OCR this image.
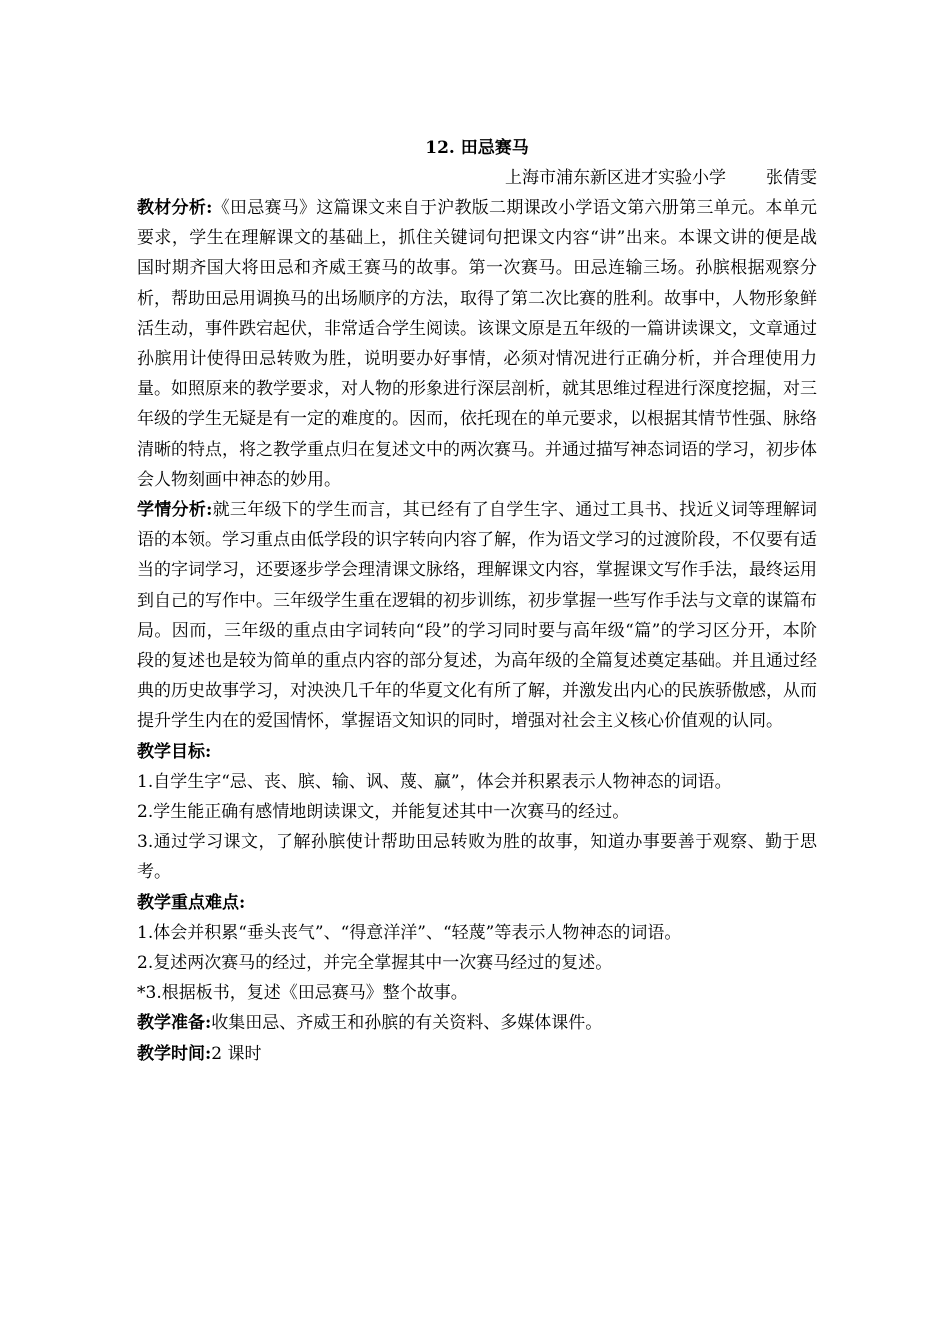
12. 田忌赛马
上海市浦东新区进才实验小学 张倩雯

教材分析:《田忌赛马》这篇课文来自于沪教版二期课改小学语文第六册第三单元。本单元要求，学生在理解课文的基础上，抓住关键词句把课文内容“讲”出来。本课文讲的便是战国时期齐国大将田忌和齐威王赛马的故事。第一次赛马。田忌连输三场。孙膑根据观察分析，帮助田忌用调换马的出场顺序的方法，取得了第二次比赛的胜利。故事中，人物形象鲜活生动，事件跌宕起伏，非常适合学生阅读。该课文原是五年级的一篇讲读课文，文章通过孙膑用计使得田忌转败为胜，说明要办好事情，必须对情况进行正确分析，并合理使用力量。如照原来的教学要求，对人物的形象进行深层剖析，就其思维过程进行深度挖掘，对三年级的学生无疑是有一定的难度的。因而，依托现在的单元要求，以根据其情节性强、脉络清晰的特点，将之教学重点归在复述文中的两次赛马。并通过描写神态词语的学习，初步体会人物刻画中神态的妙用。

学情分析:就三年级下的学生而言，其已经有了自学生字、通过工具书、找近义词等理解词语的本领。学习重点由低学段的识字转向内容了解，作为语文学习的过渡阶段，不仅要有适当的字词学习，还要逐步学会理清课文脉络，理解课文内容，掌握课文写作手法，最终运用到自己的写作中。三年级学生重在逻辑的初步训练，初步掌握一些写作手法与文章的谋篇布局。因而，三年级的重点由字词转向“段”的学习同时要与高年级“篇”的学习区分开，本阶段的复述也是较为简单的重点内容的部分复述，为高年级的全篇复述奠定基础。并且通过经典的历史故事学习，对泱泱几千年的华夏文化有所了解，并激发出内心的民族骄傲感，从而提升学生内在的爱国情怀，掌握语文知识的同时，增强对社会主义核心价值观的认同。

教学目标:

1.自学生字“忌、丧、膑、输、讽、蔑、赢”，体会并积累表示人物神态的词语。

2.学生能正确有感情地朗读课文，并能复述其中一次赛马的经过。

3.通过学习课文，了解孙膑使计帮助田忌转败为胜的故事，知道办事要善于观察、勤于思考。

教学重点难点:

1.体会并积累“垂头丧气”、“得意洋洋”、“轻蔑”等表示人物神态的词语。

2.复述两次赛马的经过，并完全掌握其中一次赛马经过的复述。

*3.根据板书，复述《田忌赛马》整个故事。

教学准备:收集田忌、齐威王和孙膑的有关资料、多媒体课件。

教学时间:2 课时
